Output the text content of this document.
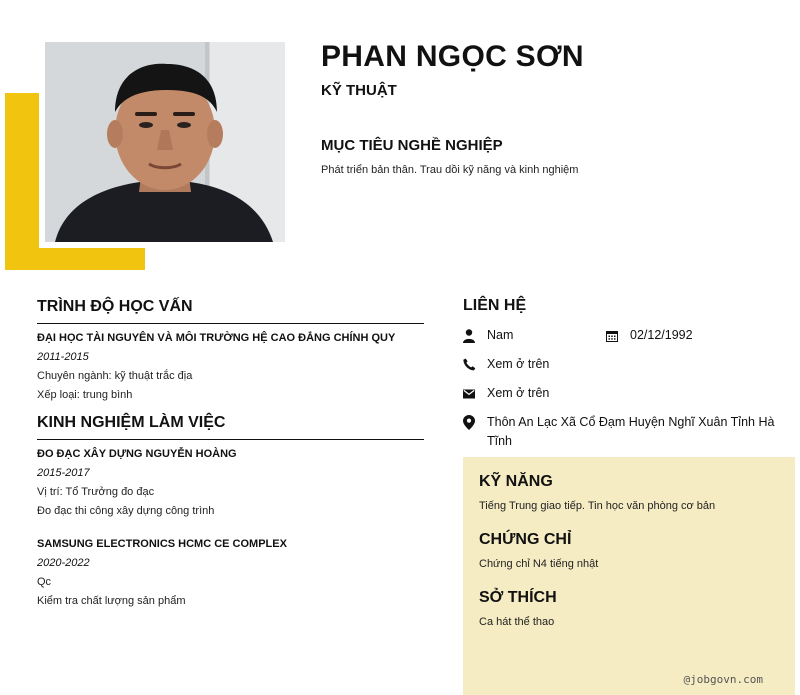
PHAN NGỌC SƠN
KỸ THUẬT
MỤC TIÊU NGHỀ NGHIỆP

Phát triển bản thân. Trau dồi kỹ năng và kinh nghiệm

TRÌNH ĐỘ HỌC VẤN

ĐẠI HỌC TÀI NGUYÊN VÀ MÔI TRƯỜNG HỆ CAO ĐẲNG CHÍNH QUY

2011-2015

Chuyên ngành: kỹ thuật trắc địa

Xếp loại: trung bình

KINH NGHIỆM LÀM VIỆC

ĐO ĐẠC XÂY DỰNG NGUYỄN HOÀNG

2015-2017

Vị trí: Tổ Trưởng đo đạc

Đo đạc thi công xây dựng công trình

SAMSUNG ELECTRONICS HCMC CE COMPLEX

2020-2022

Qc

Kiểm tra chất lượng sản phẩm

LIÊN HỆ
Nam	02/12/1992
Xem ở trên
Xem ở trên
Thôn An Lạc Xã Cổ Đạm Huyện Nghĩ Xuân Tỉnh Hà Tĩnh
KỸ NĂNG

Tiếng Trung giao tiếp. Tin học văn phòng cơ bản

CHỨNG CHỈ

Chứng chỉ N4 tiếng nhật

SỞ THÍCH

Ca hát thể thao

@jobgovn.com
